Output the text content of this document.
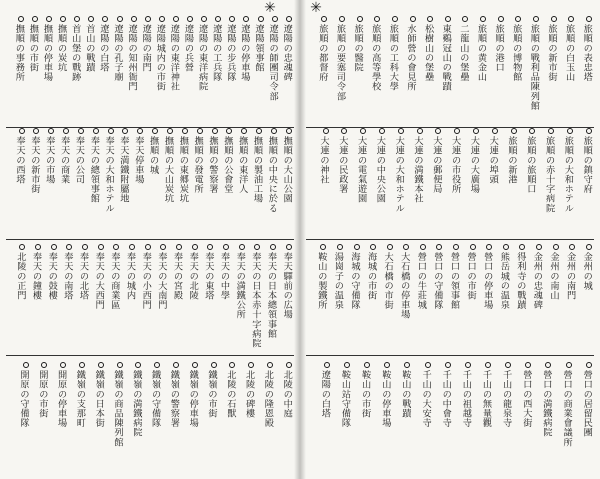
✳
遼陽の忠魂碑
遼陽の師團司令部
遼陽領事館
遼陽の停車場
遼陽の步兵隊
遼陽の工兵隊
遼陽の東洋病院
遼陽の兵營
遼陽の東洋神社
遼陽城内の市街
遼陽の南門
遼陽の知州衙門
遼陽の孔子廟
遼陽の白塔
首山の戰蹟
首山堡の戰跡
撫順の炭坑
撫順の停車場
撫順の市街
撫順の事務所
撫順の大山公園
撫順の中央に於る
撫順の製油工場
撫順の東洋人
撫順の公會堂
撫順の警察署
撫順の發電所
撫順の東郷炭坑
撫順の大山炭坑
撫順の城
奉天停車場
奉天満鐵附屬地
奉天の大和ホテル
奉天の總領事館
奉天の公司
奉天の商業
奉天の市場
奉天の新市街
奉天の西塔
奉天驛前の広場
奉天の日本總領事館
奉天の日本赤十字病院
奉天の満鐵公所
奉天の中學
奉天の東塔
奉天の北陵
奉天の宮殿
奉天の大南門
奉天の小西門
奉天の城内
奉天の商業區
奉天の大西門
奉天の北塔
奉天の南塔
奉天の鼓樓
奉天の鐘樓
北陵の正門
北陵の中庭
北陵の隆恩殿
北陵の碑樓
北陵の石獸
鐵嶺の市街
鐵嶺の停車場
鐵嶺の警察署
鐵嶺の守備隊
鐵嶺の満鐵病院
鐵嶺の商品陳列館
鐵嶺の日本街
鐵嶺の支那町
開原の停車場
開原の市街
開原の守備隊
✳
旅順の表忠塔
旅順の白玉山
旅順の新市街
旅順の戰利品陳列館
旅順の博物館
旅順の港口
旅順の黄金山
二龍山の堡壘
東鷄冠山の戰蹟
松樹山の堡壘
水師營の會見所
旅順の工科大學
旅順の高等學校
旅順の醫院
旅順の要塞司令部
旅順の都督府
旅順の鎮守府
旅順の大和ホテル
旅順の赤十字病院
旅順の旅順口
旅順の新港
大連の埠頭
大連の大廣場
大連の市役所
大連の郵便局
大連の満鐵本社
大連の大和ホテル
大連の中央公園
大連の電氣遊園
大連の民政署
大連の神社
金州の城
金州の南門
金州の南山
金州の忠魂碑
得利寺の戰蹟
熊岳城の温泉
營口の停車場
營口の市街
營口の領事館
營口の守備隊
營口の牛莊城
大石橋の停車場
大石橋の市街
海城の市街
海城の守備隊
湯崗子の温泉
鞍山の製鐵所
營口の居留民團
營口の商業會議所
營口の満鐵病院
營口の西大街
千山の龍泉寺
千山の無量觀
千山の祖越寺
千山の中會寺
千山の大安寺
鞍山の戰蹟
鞍山の停車場
鞍山の市街
鞍山站守備隊
遼陽の白塔
